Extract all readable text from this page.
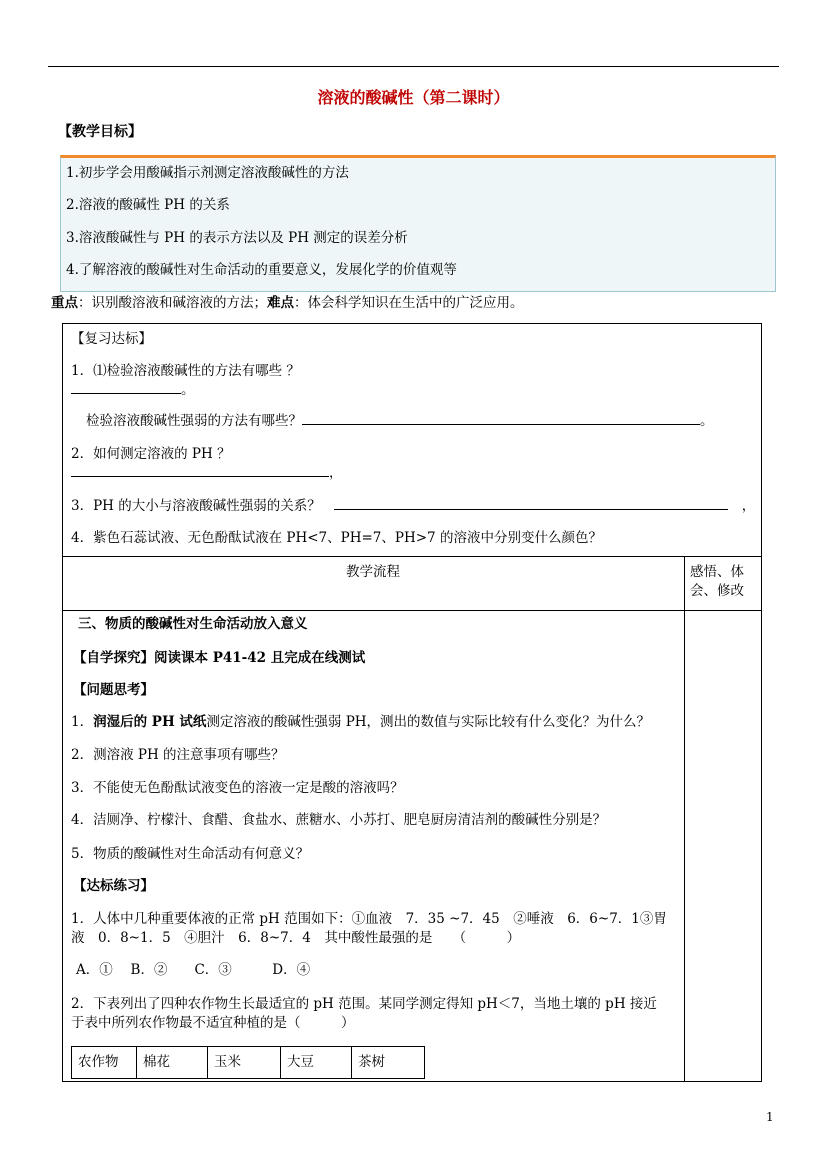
溶液的酸碱性（第二课时）
【教学目标】
1.初步学会用酸碱指示剂测定溶液酸碱性的方法
2.溶液的酸碱性 PH 的关系
3.溶液酸碱性与 PH 的表示方法以及 PH 测定的误差分析
4.了解溶液的酸碱性对生命活动的重要意义，发展化学的价值观等
重点：识别酸溶液和碱溶液的方法；难点：体会科学知识在生活中的广泛应用。
【复习达标】
1．⑴检验溶液酸碱性的方法有哪些 ？
。
检验溶液酸碱性强弱的方法有哪些？	。
2．如何测定溶液的 PH ？
，
3．PH 的大小与溶液酸碱性强弱的关系？　　	，
4．紫色石蕊试液、无色酚酞试液在 PH<7、PH=7、PH>7 的溶液中分别变什么颜色？
教学流程	感悟、体
会、修改
三、物质的酸碱性对生命活动放入意义
【自学探究】阅读课本 P41-42 且完成在线测试
【问题思考】
1．润湿后的 PH 试纸测定溶液的酸碱性强弱 PH，测出的数值与实际比较有什么变化？为什么？
2．测溶液 PH 的注意事项有哪些？
3．不能使无色酚酞试液变色的溶液一定是酸的溶液吗？
4．洁厕净、柠檬汁、食醋、食盐水、蔗糖水、小苏打、肥皂厨房清洁剂的酸碱性分别是？
5．物质的酸碱性对生命活动有何意义？
【达标练习】
1．人体中几种重要体液的正常 pH 范围如下：①血液　7．35 ~7．45　②唾液　6．6~7．1③胃
液　0．8~1．5　④胆汁　6．8~7．4　其中酸性最强的是　　（　　　）
A．①　 B．②　　C．③　　　D．④
2．下表列出了四种农作物生长最适宜的 pH 范围。某同学测定得知 pH＜7，当地土壤的 pH 接近
于表中所列农作物最不适宜种植的是（　　　）
农作物	棉花	玉米	大豆	茶树
1
